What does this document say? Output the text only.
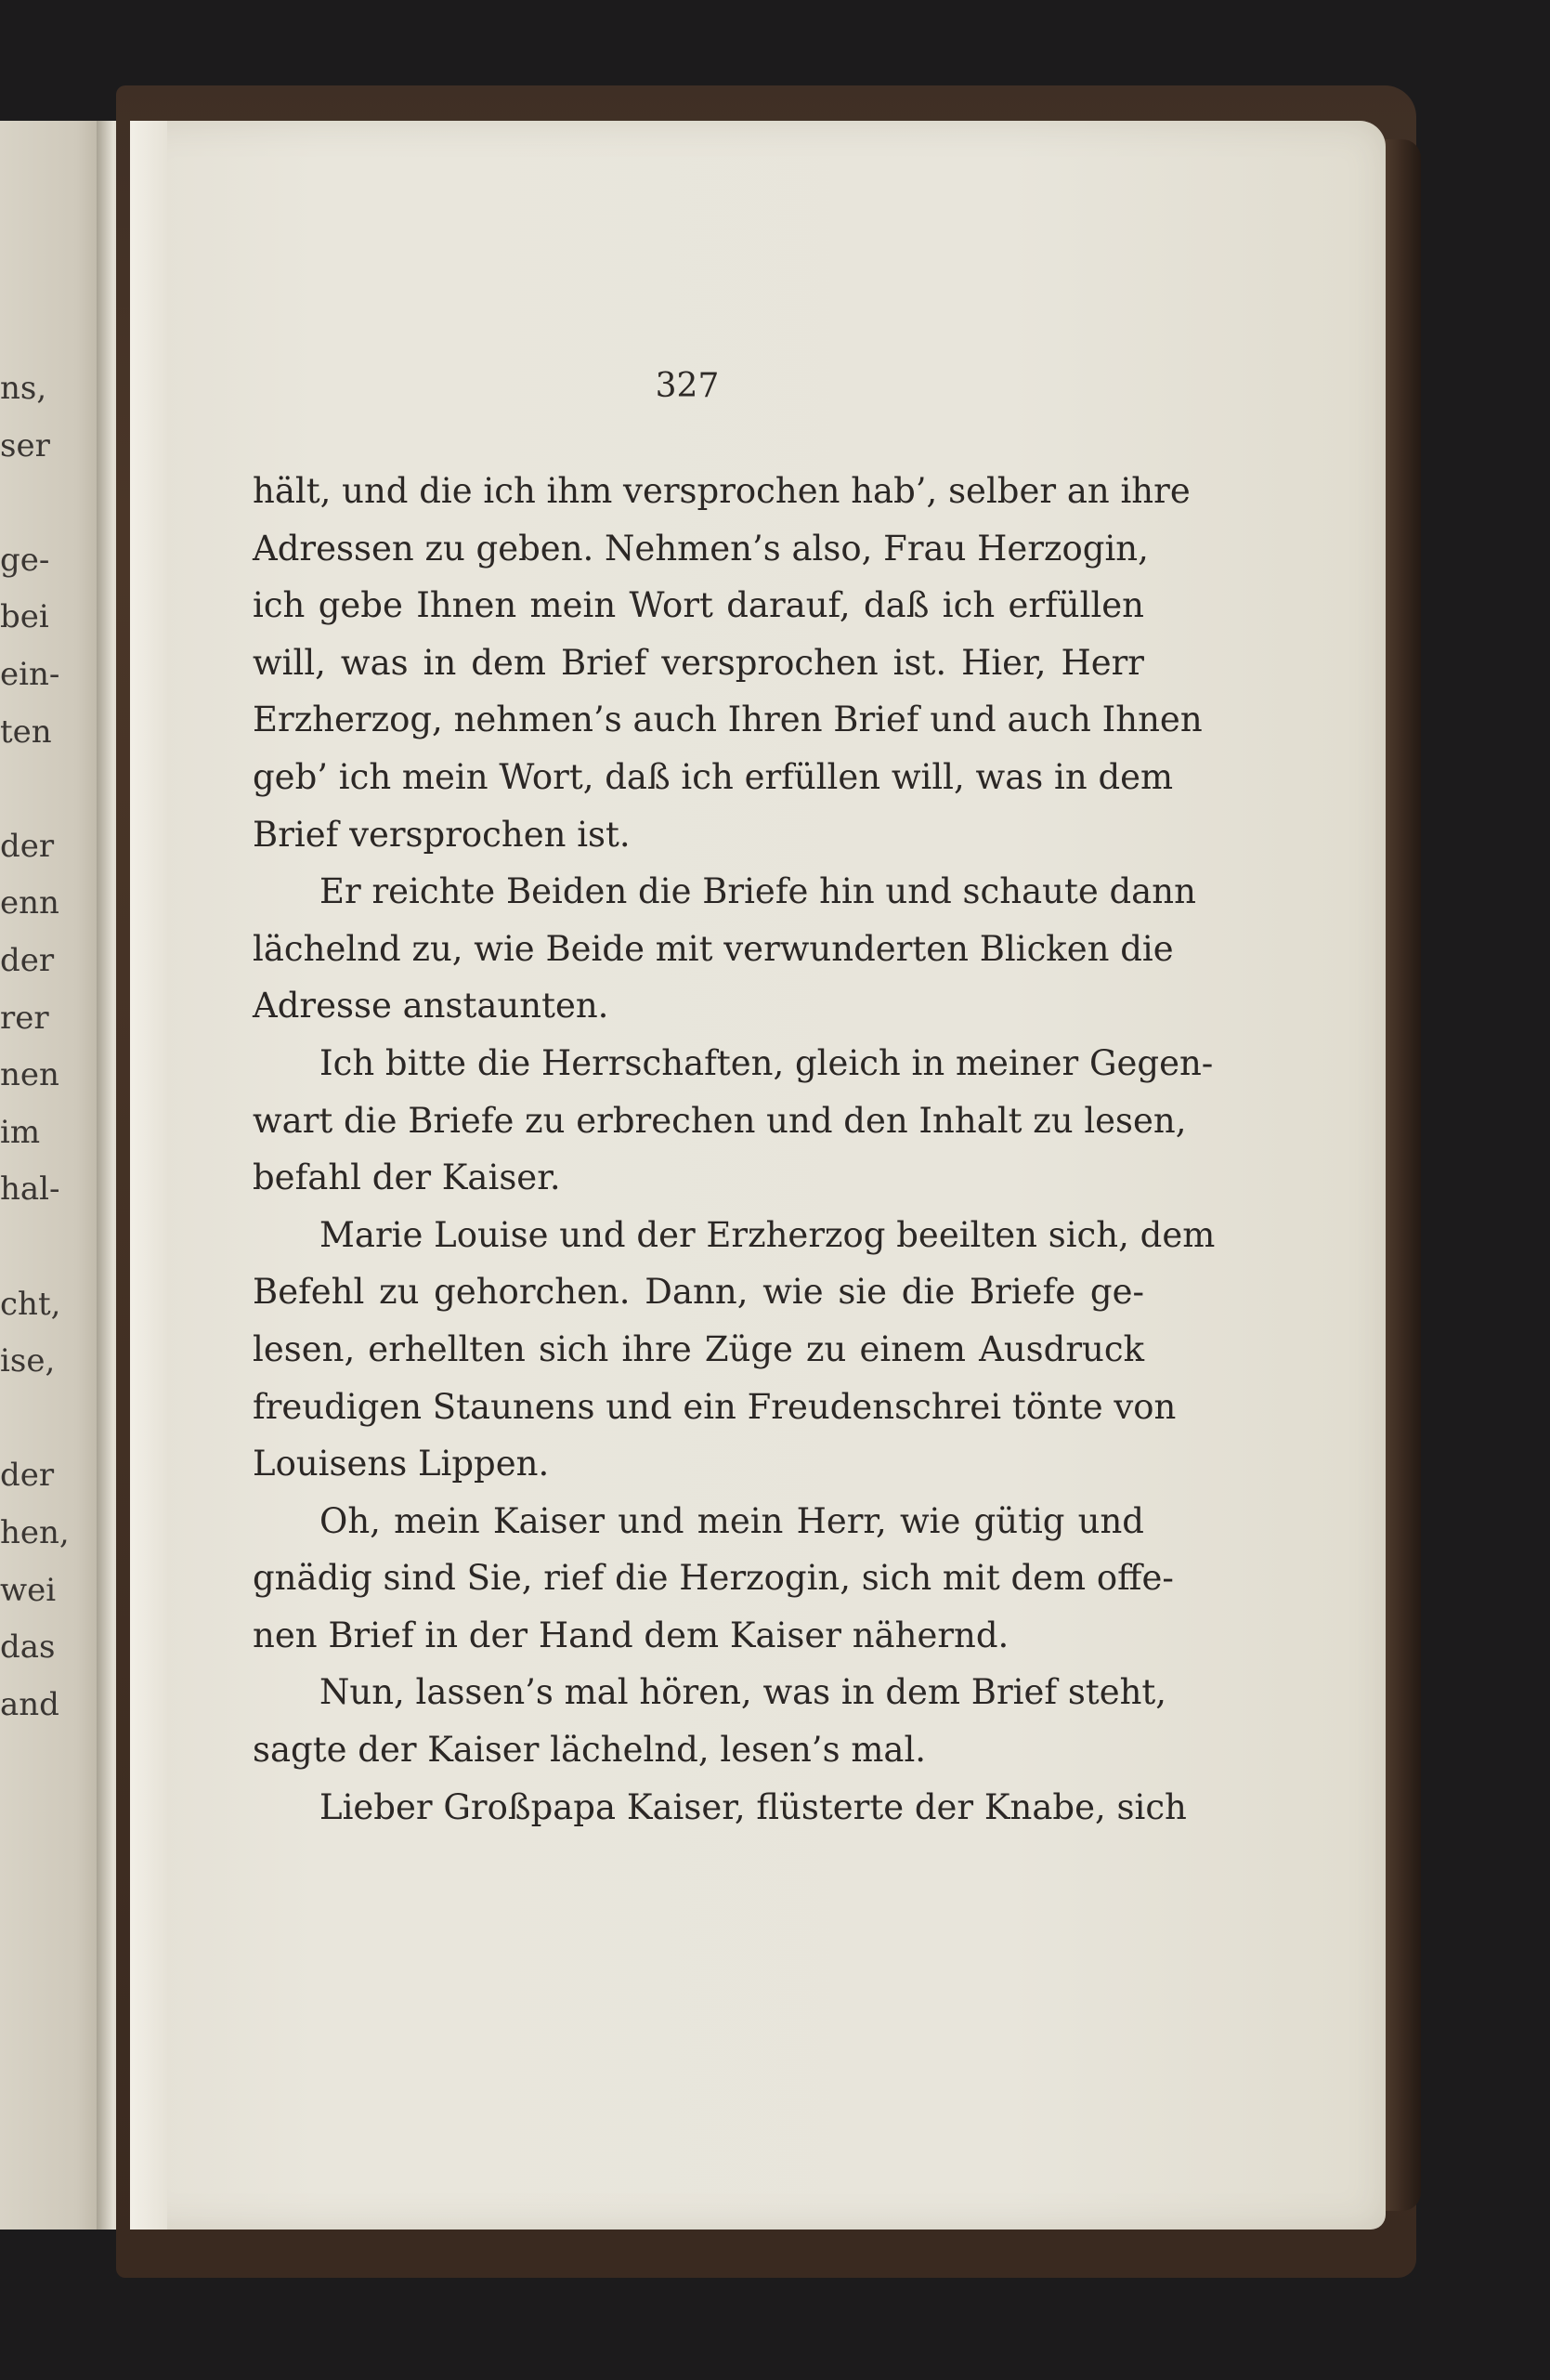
ns,
ser
ge-
bei
ein-
ten
der
enn
der
rer
nen
im
hal-
cht,
ise,
der
hen,
wei
das
and
327
hält, und die ich ihm versprochen hab’, selber an ihre
Adressen zu geben. Nehmen’s also, Frau Herzogin,
ich gebe Ihnen mein Wort darauf, daß ich erfüllen
will, was in dem Brief versprochen ist. Hier, Herr
Erzherzog, nehmen’s auch Ihren Brief und auch Ihnen
geb’ ich mein Wort, daß ich erfüllen will, was in dem
Brief versprochen ist.
Er reichte Beiden die Briefe hin und schaute dann
lächelnd zu, wie Beide mit verwunderten Blicken die
Adresse anstaunten.
Ich bitte die Herrschaften, gleich in meiner Gegen-
wart die Briefe zu erbrechen und den Inhalt zu lesen,
befahl der Kaiser.
Marie Louise und der Erzherzog beeilten sich, dem
Befehl zu gehorchen. Dann, wie sie die Briefe ge-
lesen, erhellten sich ihre Züge zu einem Ausdruck
freudigen Staunens und ein Freudenschrei tönte von
Louisens Lippen.
Oh, mein Kaiser und mein Herr, wie gütig und
gnädig sind Sie, rief die Herzogin, sich mit dem offe-
nen Brief in der Hand dem Kaiser nähernd.
Nun, lassen’s mal hören, was in dem Brief steht,
sagte der Kaiser lächelnd, lesen’s mal.
Lieber Großpapa Kaiser, flüsterte der Knabe, sich
